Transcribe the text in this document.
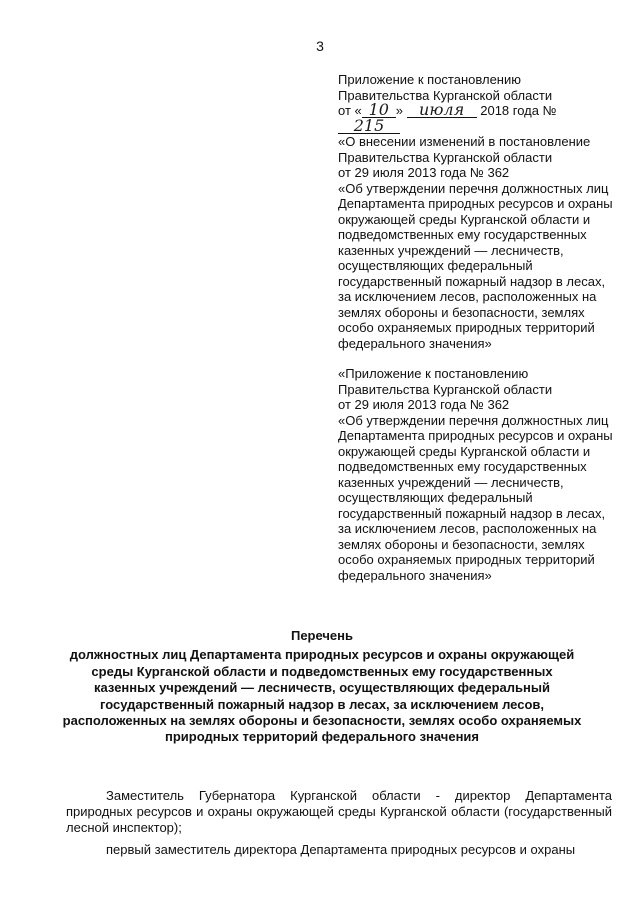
3

Приложение к постановлению

Правительства Курганской области

от « 10 » июля 2018 года № 215

«О внесении изменений в постановление Правительства Курганской области

от 29 июля 2013 года № 362

«Об утверждении перечня должностных лиц Департамента природных ресурсов и охраны окружающей среды Курганской области и подведомственных ему государственных казенных учреждений — лесничеств, осуществляющих федеральный государственный пожарный надзор в лесах, за исключением лесов, расположенных на землях обороны и безопасности, землях особо охраняемых природных территорий федерального значения»

«Приложение к постановлению

Правительства Курганской области

от 29 июля 2013 года № 362

«Об утверждении перечня должностных лиц Департамента природных ресурсов и охраны окружающей среды Курганской области и подведомственных ему государственных казенных учреждений — лесничеств, осуществляющих федеральный государственный пожарный надзор в лесах, за исключением лесов, расположенных на землях обороны и безопасности, землях особо охраняемых природных территорий федерального значения»

Перечень

должностных лиц Департамента природных ресурсов и охраны окружающей среды Курганской области и подведомственных ему государственных казенных учреждений — лесничеств, осуществляющих федеральный государственный пожарный надзор в лесах, за исключением лесов, расположенных на землях обороны и безопасности, землях особо охраняемых природных территорий федерального значения

Заместитель Губернатора Курганской области - директор Департамента природных ресурсов и охраны окружающей среды Курганской области (государственный лесной инспектор);

первый заместитель директора Департамента природных ресурсов и охраны
